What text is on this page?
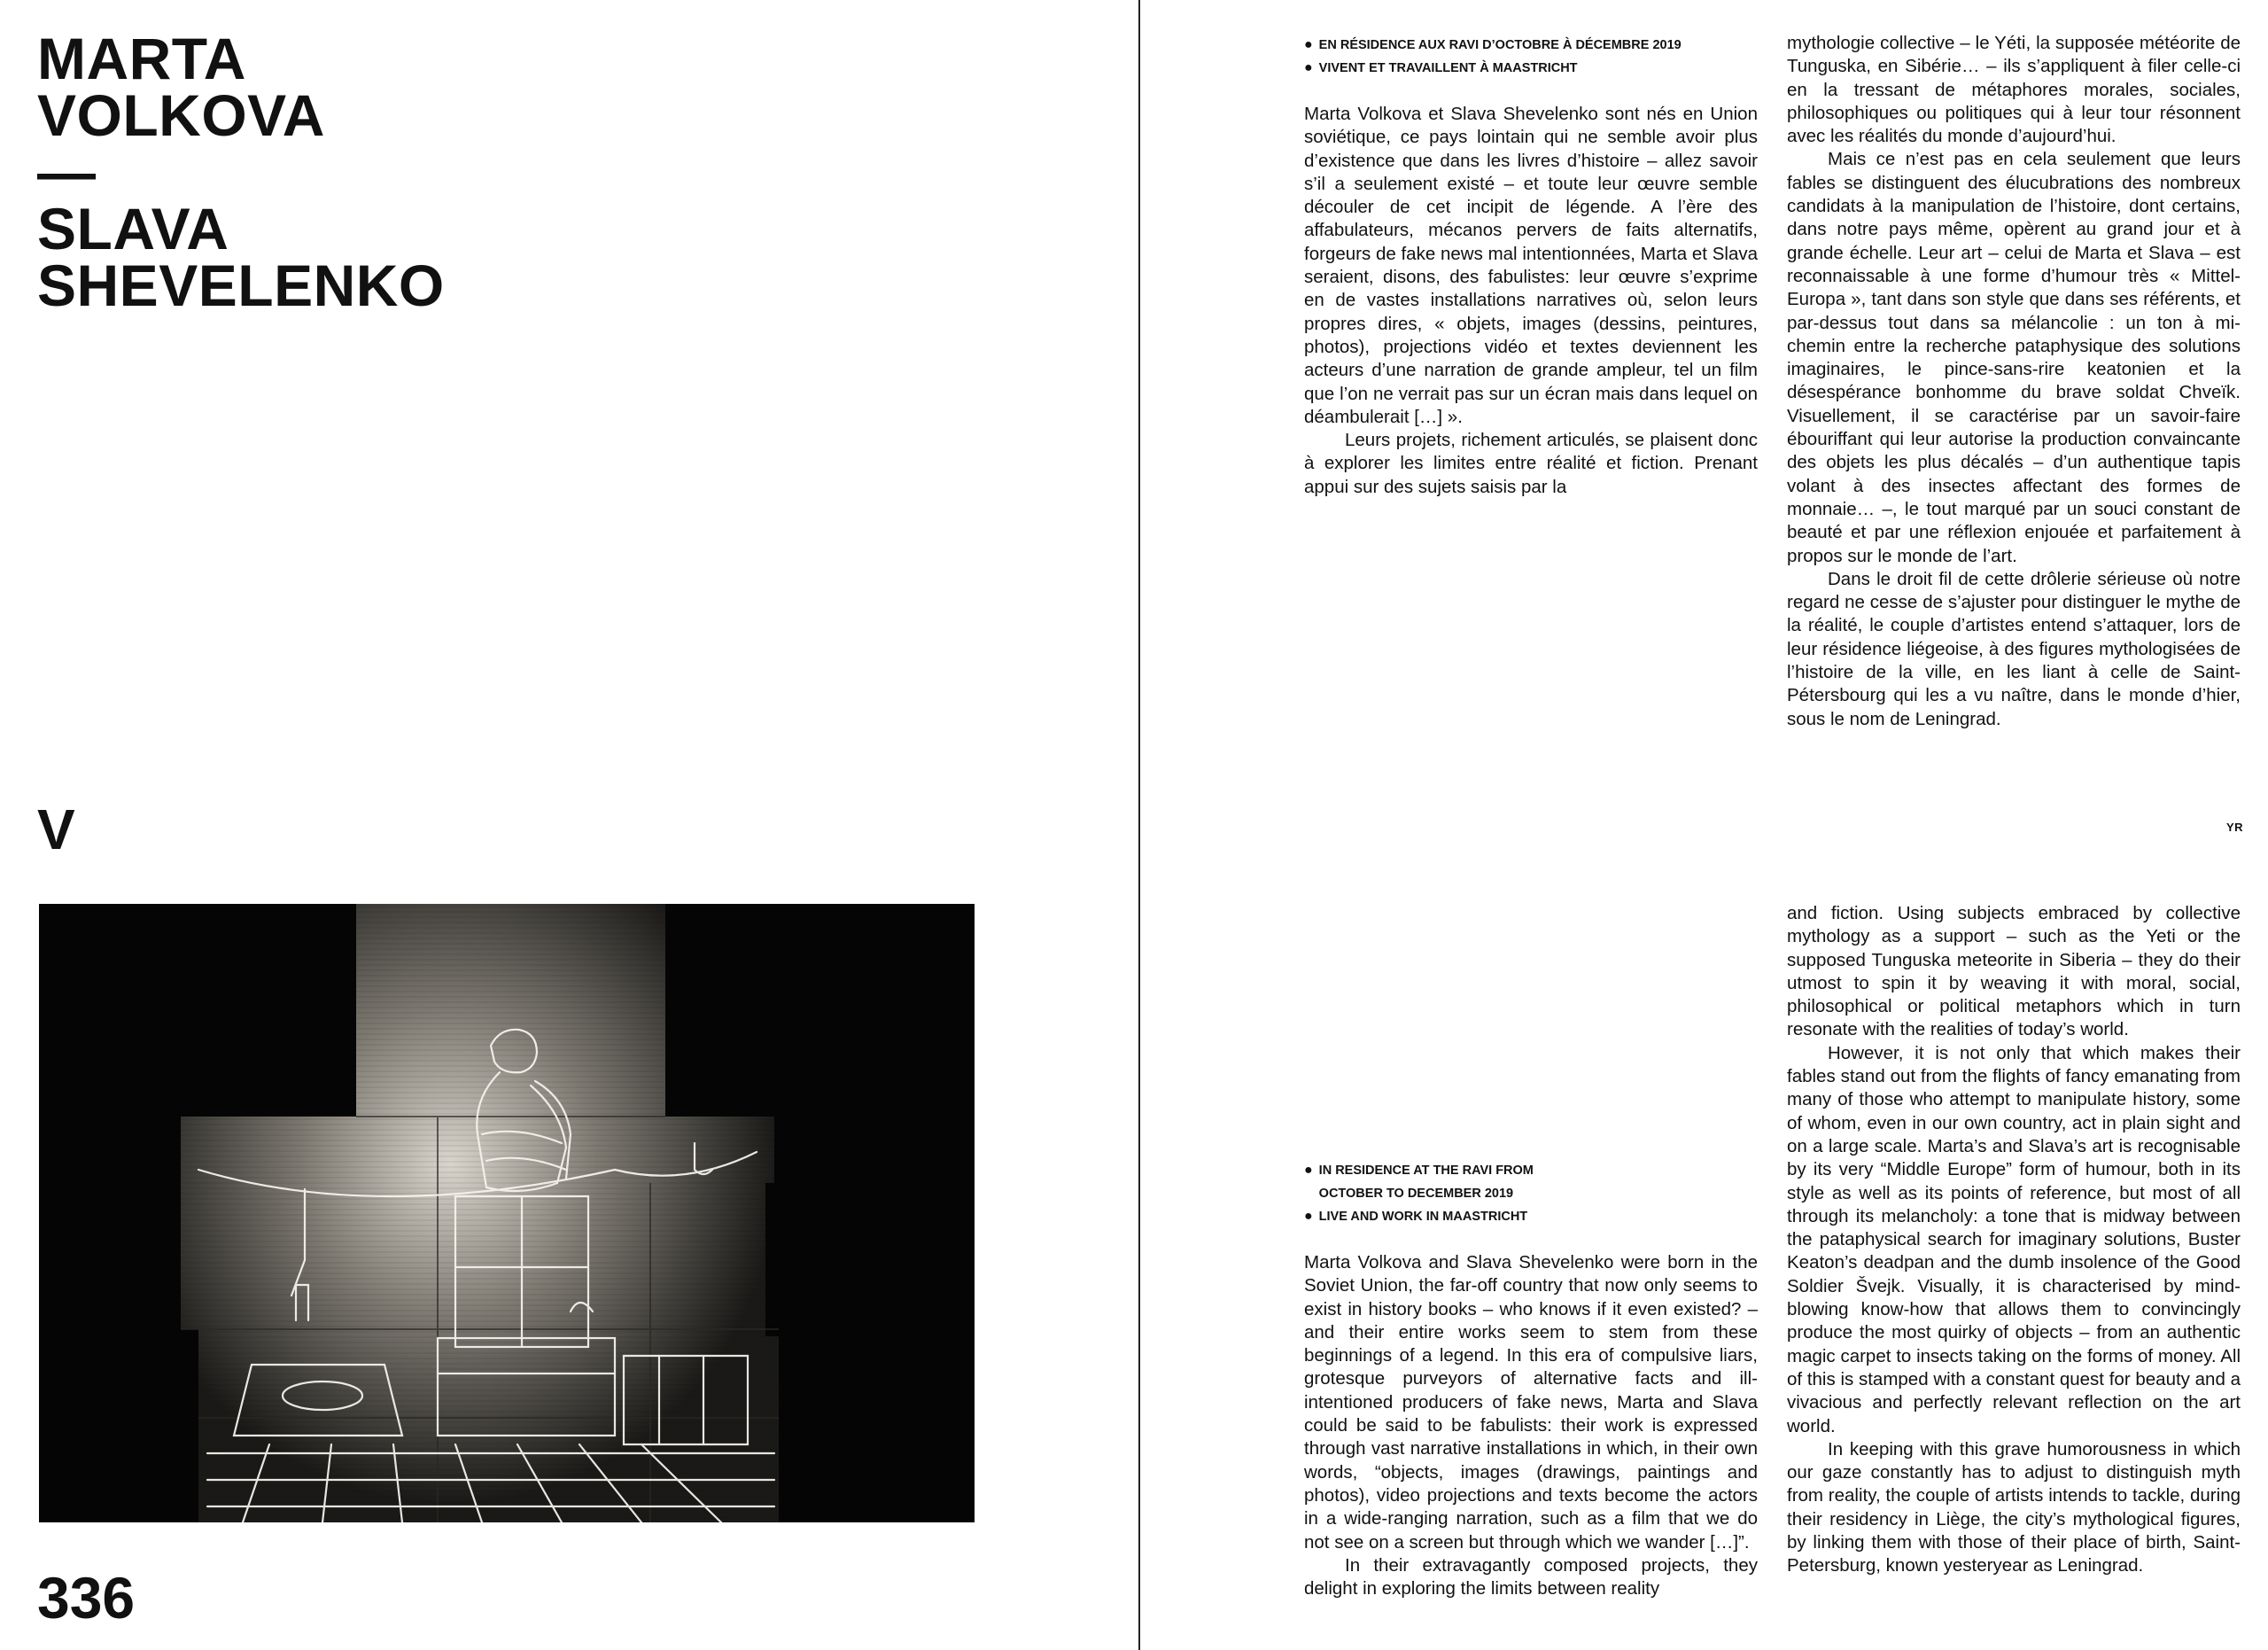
MARTA
VOLKOVA
—
SLAVA
SHEVELENKO
V
336
● EN RÉSIDENCE AUX RAVI D’OCTOBRE À DÉCEMBRE 2019
● VIVENT ET TRAVAILLENT À MAASTRICHT

Marta Volkova et Slava Shevelenko sont nés en Union soviétique, ce pays lointain qui ne semble avoir plus d’existence que dans les livres d’histoire – allez savoir s’il a seulement existé – et toute leur œuvre semble découler de cet incipit de légende. A l’ère des affabulateurs, mécanos pervers de faits alternatifs, forgeurs de fake news mal intentionnées, Marta et Slava seraient, disons, des fabulistes: leur œuvre s’exprime en de vastes installations narratives où, selon leurs propres dires, « objets, images (dessins, peintures, photos), projections vidéo et textes deviennent les acteurs d’une narration de grande ampleur, tel un film que l’on ne verrait pas sur un écran mais dans lequel on déambulerait […] ».

Leurs projets, richement articulés, se plaisent donc à explorer les limites entre réalité et fiction. Prenant appui sur des sujets saisis par la

mythologie collective – le Yéti, la supposée météorite de Tunguska, en Sibérie… – ils s’appliquent à filer celle-ci en la tressant de métaphores morales, sociales, philosophiques ou politiques qui à leur tour résonnent avec les réalités du monde d’aujourd’hui.

Mais ce n’est pas en cela seulement que leurs fables se distinguent des élucubrations des nombreux candidats à la manipulation de l’histoire, dont certains, dans notre pays même, opèrent au grand jour et à grande échelle. Leur art – celui de Marta et Slava – est reconnaissable à une forme d’humour très « Mittel-Europa », tant dans son style que dans ses référents, et par-dessus tout dans sa mélancolie : un ton à mi-chemin entre la recherche pataphysique des solutions imaginaires, le pince-sans-rire keatonien et la désespérance bonhomme du brave soldat Chveïk. Visuellement, il se caractérise par un savoir-faire ébouriffant qui leur autorise la production convaincante des objets les plus décalés – d’un authentique tapis volant à des insectes affectant des formes de monnaie… –, le tout marqué par un souci constant de beauté et par une réflexion enjouée et parfaitement à propos sur le monde de l’art.

Dans le droit fil de cette drôlerie sérieuse où notre regard ne cesse de s’ajuster pour distinguer le mythe de la réalité, le couple d’artistes entend s’attaquer, lors de leur résidence liégeoise, à des figures mythologisées de l’histoire de la ville, en les liant à celle de Saint-Pétersbourg qui les a vu naître, dans le monde d’hier, sous le nom de Leningrad.

YR
● IN RESIDENCE AT THE RAVI FROM OCTOBER TO DECEMBER 2019
● LIVE AND WORK IN MAASTRICHT

Marta Volkova and Slava Shevelenko were born in the Soviet Union, the far-off country that now only seems to exist in history books – who knows if it even existed? – and their entire works seem to stem from these beginnings of a legend. In this era of compulsive liars, grotesque purveyors of alternative facts and ill-intentioned producers of fake news, Marta and Slava could be said to be fabulists: their work is expressed through vast narrative installations in which, in their own words, “objects, images (drawings, paintings and photos), video projections and texts become the actors in a wide-ranging narration, such as a film that we do not see on a screen but through which we wander […]”.

In their extravagantly composed projects, they delight in exploring the limits between reality

and fiction. Using subjects embraced by collective mythology as a support – such as the Yeti or the supposed Tunguska meteorite in Siberia – they do their utmost to spin it by weaving it with moral, social, philosophical or political metaphors which in turn resonate with the realities of today’s world.

However, it is not only that which makes their fables stand out from the flights of fancy emanating from many of those who attempt to manipulate history, some of whom, even in our own country, act in plain sight and on a large scale. Marta’s and Slava’s art is recognisable by its very “Middle Europe” form of humour, both in its style as well as its points of reference, but most of all through its melancholy: a tone that is midway between the pataphysical search for imaginary solutions, Buster Keaton’s deadpan and the dumb insolence of the Good Soldier Švejk. Visually, it is characterised by mind-blowing know-how that allows them to convincingly produce the most quirky of objects – from an authentic magic carpet to insects taking on the forms of money. All of this is stamped with a constant quest for beauty and a vivacious and perfectly relevant reflection on the art world.

In keeping with this grave humorousness in which our gaze constantly has to adjust to distinguish myth from reality, the couple of artists intends to tackle, during their residency in Liège, the city’s mythological figures, by linking them with those of their place of birth, Saint-Petersburg, known yesteryear as Leningrad.
